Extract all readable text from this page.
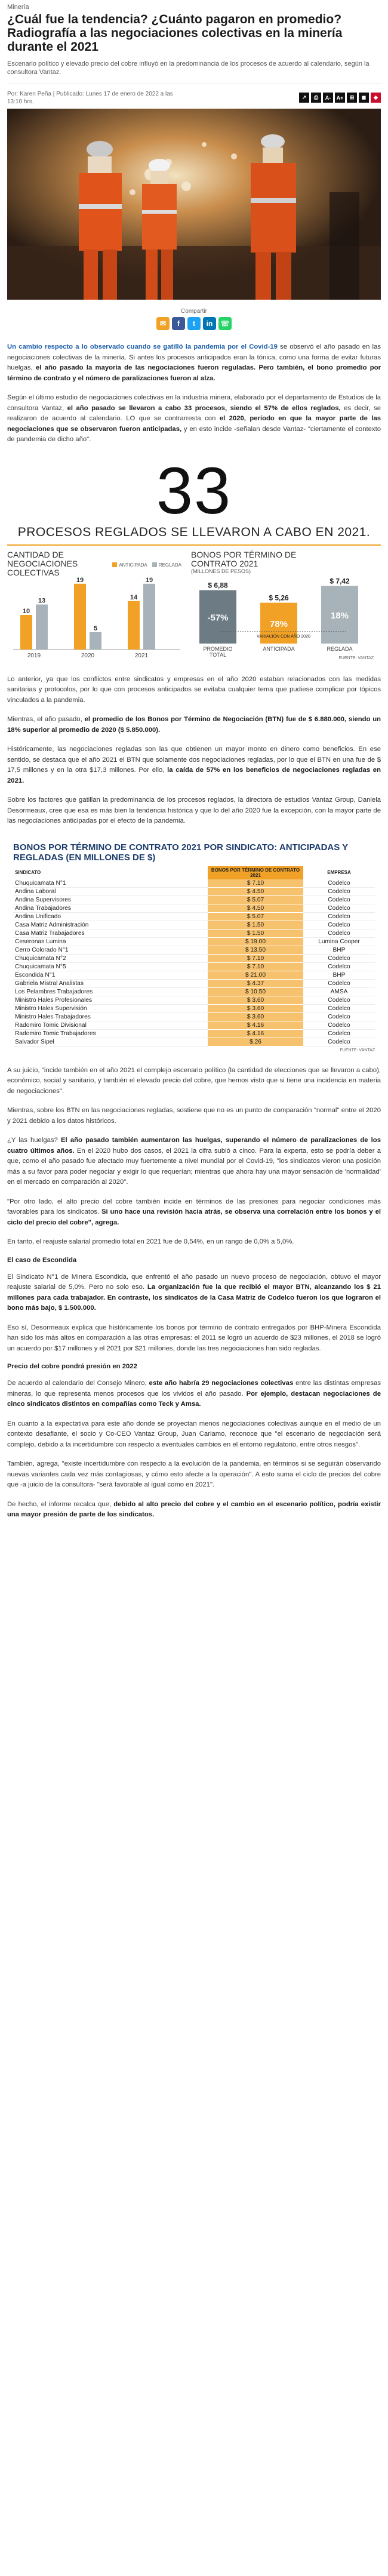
Minería
¿Cuál fue la tendencia? ¿Cuánto pagaron en promedio? Radiografía a las negociaciones colectivas en la minería durante el 2021
Escenario político y elevado precio del cobre influyó en la predominancia de los procesos de acuerdo al calendario, según la consultora Vantaz.
Por: Karen Peña | Publicado: Lunes 17 de enero de 2022 a las 13:10 hrs.
↗	⎙	A-	A+	⊞	◼	◆
Compartir
✉	f	t	in	☏

Un cambio respecto a lo observado cuando se gatilló la pandemia por el Covid-19 se observó el año pasado en las negociaciones colectivas de la minería. Si antes los procesos anticipados eran la tónica, como una forma de evitar futuras huelgas, el año pasado la mayoría de las negociaciones fueron reguladas. Pero también, el bono promedio por término de contrato y el número de paralizaciones fueron al alza.

Según el último estudio de negociaciones colectivas en la industria minera, elaborado por el departamento de Estudios de la consultora Vantaz, el año pasado se llevaron a cabo 33 procesos, siendo el 57% de ellos reglados, es decir, se realizaron de acuerdo al calendario. LO que se contrarresta con el 2020, período en que la mayor parte de las negociaciones que se observaron fueron anticipadas, y en esto incide -señalan desde Vantaz- "ciertamente el contexto de pandemia de dicho año".

33
PROCESOS REGLADOS SE LLEVARON A CABO EN 2021.
CANTIDAD DE NEGOCIACIONES COLECTIVAS
ANTICIPADA	REGLADA
10
13
2019
19
5
2020
14
19
2021
BONOS POR TÉRMINO DE CONTRATO 2021
(MILLONES DE PESOS)
$ 6,88
-57%
PROMEDIO
TOTAL
$ 5,26
78%
ANTICIPADA
$ 7,42
18%
REGLADA
VARIACIÓN CON AÑO 2020
FUENTE: VANTAZ

Lo anterior, ya que los conflictos entre sindicatos y empresas en el año 2020 estaban relacionados con las medidas sanitarias y protocolos, por lo que con procesos anticipados se evitaba cualquier tema que pudiese complicar por tópicos vinculados a la pandemia.

Mientras, el año pasado, el promedio de los Bonos por Término de Negociación (BTN) fue de $ 6.880.000, siendo un 18% superior al promedio de 2020 ($ 5.850.000).

Históricamente, las negociaciones regladas son las que obtienen un mayor monto en dinero como beneficios. En ese sentido, se destaca que el año 2021 el BTN que solamente dos negociaciones regladas, por lo que el BTN en una fue de $ 17,5 millones y en la otra $17,3 millones. Por ello, la caída de 57% en los beneficios de negociaciones regladas en 2021.

Sobre los factores que gatillan la predominancia de los procesos reglados, la directora de estudios Vantaz Group, Daniela Desormeaux, cree que esa es más bien la tendencia histórica y que lo del año 2020 fue la excepción, con la mayor parte de las negociaciones anticipadas por el efecto de la pandemia.

BONOS POR TÉRMINO DE CONTRATO 2021 POR SINDICATO: ANTICIPADAS Y REGLADAS (EN MILLONES DE $)
SINDICATO	BONOS POR TÉRMINO DE CONTRATO 2021	EMPRESA
Chuquicamata N°1	$ 7.10	Codelco
Andina Laboral	$ 4.50	Codelco
Andina Supervisores	$ 5.07	Codelco
Andina Trabajadores	$ 4.50	Codelco
Andina Unificado	$ 5.07	Codelco
Casa Matriz Administración	$ 1.50	Codelco
Casa Matriz Trabajadores	$ 1.50	Codelco
Ceseronas Lumina	$ 19.00	Lumina Cooper
Cerro Colorado N°1	$ 13.50	BHP
Chuquicamata N°2	$ 7.10	Codelco
Chuquicamata N°5	$ 7.10	Codelco
Escondida N°1	$ 21.00	BHP
Gabriela Mistral Analistas	$ 4.37	Codelco
Los Pelambres Trabajadores	$ 10.50	AMSA
Ministro Hales Profesionales	$ 3.60	Codelco
Ministro Hales Supervisión	$ 3.60	Codelco
Ministro Hales Trabajadores	$ 3.60	Codelco
Radomiro Tomic Divisional	$ 4.16	Codelco
Radomiro Tomic Trabajadores	$ 4.16	Codelco
Salvador Sipel	$.26	Codelco
FUENTE: VANTAZ

A su juicio, "incide también en el año 2021 el complejo escenario político (la cantidad de elecciones que se llevaron a cabo), económico, social y sanitario, y también el elevado precio del cobre, que hemos visto que si tiene una incidencia en materia de negociaciones".

Mientras, sobre los BTN en las negociaciones regladas, sostiene que no es un punto de comparación "normal" entre el 2020 y 2021 debido a los datos históricos.

¿Y las huelgas? El año pasado también aumentaron las huelgas, superando el número de paralizaciones de los cuatro últimos años. En el 2020 hubo dos casos, el 2021 la cifra subió a cinco. Para la experta, esto se podría deber a que, como el año pasado fue afectado muy fuertemente a nivel mundial por el Covid-19, "los sindicatos vieron una posición más a su favor para poder negociar y exigir lo que requerían; mientras que ahora hay una mayor sensación de 'normalidad' en el mercado en comparación al 2020".

"Por otro lado, el alto precio del cobre también incide en términos de las presiones para negociar condiciones más favorables para los sindicatos. Si uno hace una revisión hacia atrás, se observa una correlación entre los bonos y el ciclo del precio del cobre", agrega.

En tanto, el reajuste salarial promedio total en 2021 fue de 0,54%, en un rango de 0,0% a 5,0%.

El caso de Escondida

El Sindicato N°1 de Minera Escondida, que enfrentó el año pasado un nuevo proceso de negociación, obtuvo el mayor reajuste salarial de 5,0%. Pero no solo eso. La organización fue la que recibió el mayor BTN, alcanzando los $ 21 millones para cada trabajador. En contraste, los sindicatos de la Casa Matriz de Codelco fueron los que lograron el bono más bajo, $ 1.500.000.

Eso sí, Desormeaux explica que históricamente los bonos por término de contrato entregados por BHP-Minera Escondida han sido los más altos en comparación a las otras empresas: el 2011 se logró un acuerdo de $23 millones, el 2018 se logró un acuerdo por $17 millones y el 2021 por $21 millones, donde las tres negociaciones han sido regladas.

Precio del cobre pondrá presión en 2022

De acuerdo al calendario del Consejo Minero, este año habría 29 negociaciones colectivas entre las distintas empresas mineras, lo que representa menos procesos que los vividos el año pasado. Por ejemplo, destacan negociaciones de cinco sindicatos distintos en compañías como Teck y Amsa.

En cuanto a la expectativa para este año donde se proyectan menos negociaciones colectivas aunque en el medio de un contexto desafiante, el socio y Co-CEO Vantaz Group, Juan Cariamo, reconoce que "el escenario de negociación será complejo, debido a la incertidumbre con respecto a eventuales cambios en el entorno regulatorio, entre otros riesgos".

También, agrega, "existe incertidumbre con respecto a la evolución de la pandemia, en términos si se seguirán observando nuevas variantes cada vez más contagiosas, y cómo esto afecte a la operación". A esto suma el ciclo de precios del cobre que -a juicio de la consultora- "será favorable al igual como en 2021".

De hecho, el informe recalca que, debido al alto precio del cobre y el cambio en el escenario político, podría existir una mayor presión de parte de los sindicatos.
